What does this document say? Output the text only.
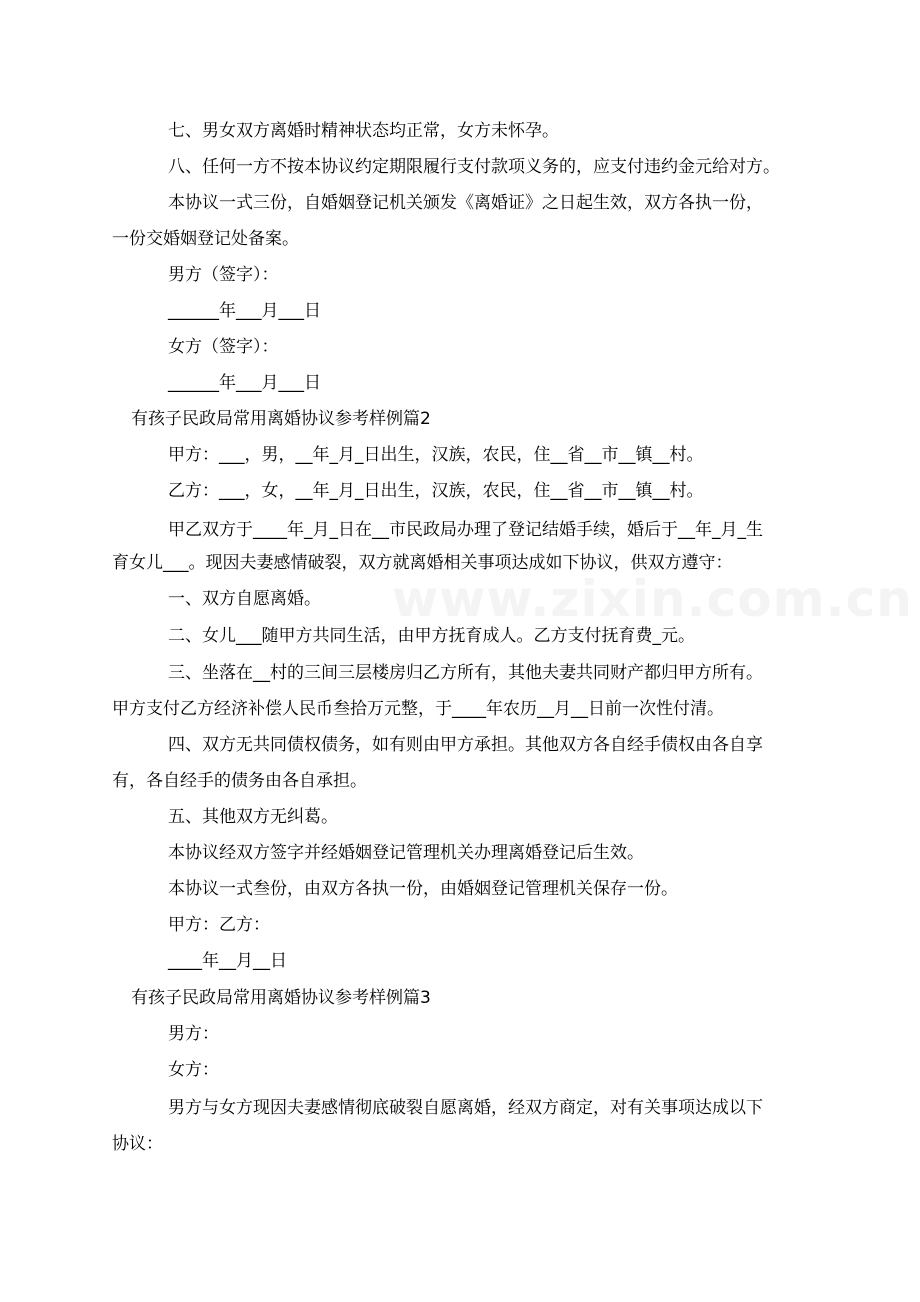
www.zixin.com.cn
七、男女双方离婚时精神状态均正常，女方未怀孕。
八、任何一方不按本协议约定期限履行支付款项义务的，应支付违约金元给对方。
本协议一式三份，自婚姻登记机关颁发《离婚证》之日起生效，双方各执一份，
一份交婚姻登记处备案。
男方（签字）：
______年___月___日
女方（签字）：
______年___月___日
有孩子民政局常用离婚协议参考样例篇2
甲方：___，男，__年_月_日出生，汉族，农民，住__省__市__镇__村。
乙方：___，女，__年_月_日出生，汉族，农民，住__省__市__镇__村。
甲乙双方于____年_月_日在__市民政局办理了登记结婚手续，婚后于__年_月_生
育女儿___。现因夫妻感情破裂，双方就离婚相关事项达成如下协议，供双方遵守：
一、双方自愿离婚。
二、女儿___随甲方共同生活，由甲方抚育成人。乙方支付抚育费_元。
三、坐落在__村的三间三层楼房归乙方所有，其他夫妻共同财产都归甲方所有。
甲方支付乙方经济补偿人民币叁拾万元整，于____年农历__月__日前一次性付清。
四、双方无共同债权债务，如有则由甲方承担。其他双方各自经手债权由各自享
有，各自经手的债务由各自承担。
五、其他双方无纠葛。
本协议经双方签字并经婚姻登记管理机关办理离婚登记后生效。
本协议一式叁份，由双方各执一份，由婚姻登记管理机关保存一份。
甲方：乙方：
____年__月__日
有孩子民政局常用离婚协议参考样例篇3
男方：
女方：
男方与女方现因夫妻感情彻底破裂自愿离婚，经双方商定，对有关事项达成以下
协议：
